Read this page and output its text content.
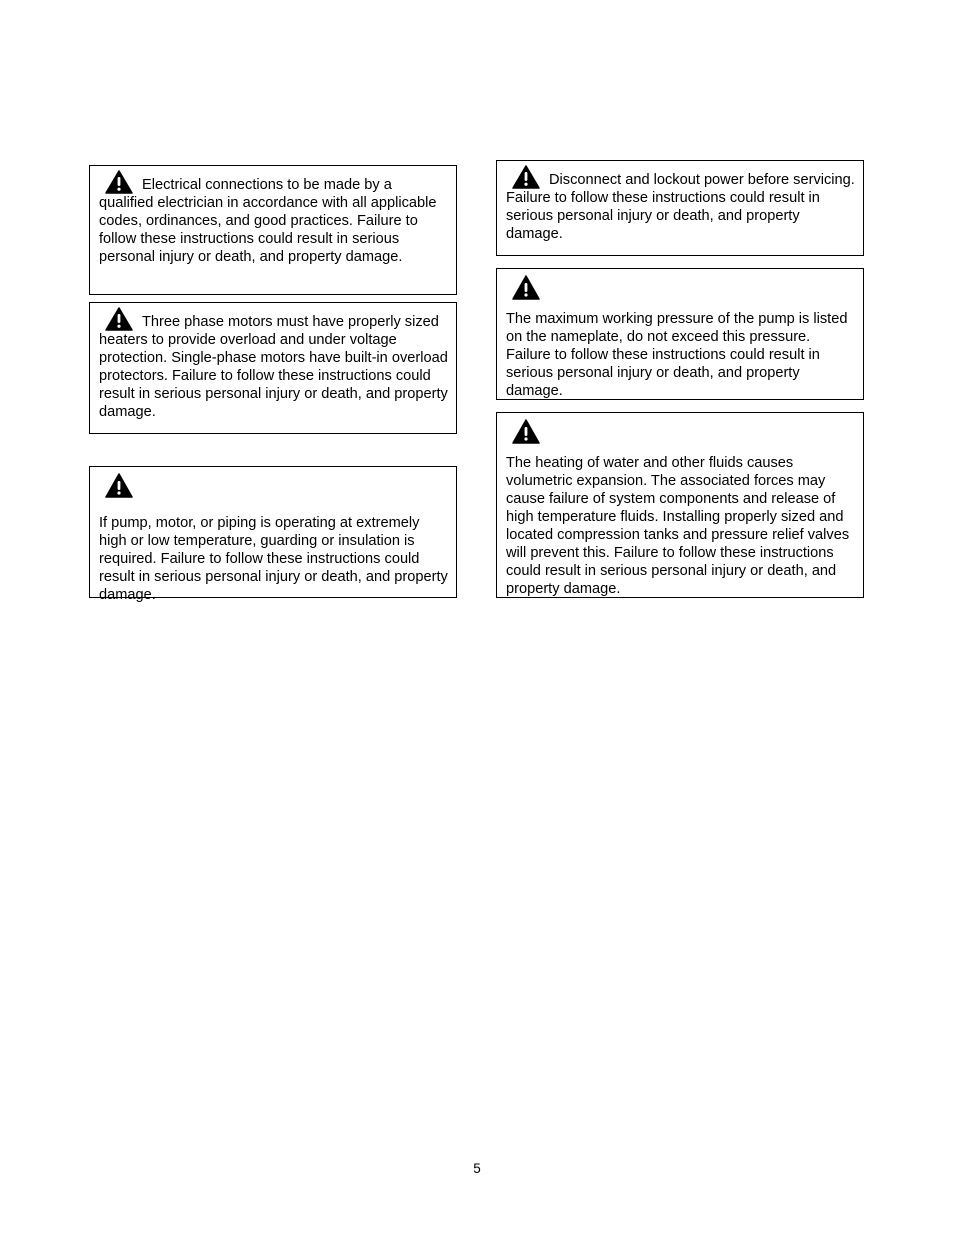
Electrical connections to be made by a qualified electrician in accordance with all applicable codes, ordinances, and good practices. Failure to follow these instructions could result in serious personal injury or death, and property damage.
Three phase motors must have properly sized heaters to provide overload and under voltage protection. Single-phase motors have built-in overload protectors. Failure to follow these instructions could result in serious personal injury or death, and property damage.
If pump, motor, or piping is operating at extremely high or low temperature, guarding or insulation is required. Failure to follow these instructions could result in serious personal injury or death, and property damage.
Disconnect and lockout power before servicing. Failure to follow these instructions could result in serious personal injury or death, and property damage.
The maximum working pressure of the pump is listed on the nameplate, do not exceed this pressure. Failure to follow these instructions could result in serious personal injury or death, and property damage.
The heating of water and other fluids causes volumetric expansion. The associated forces may cause failure of system components and release of high temperature fluids. Installing properly sized and located compression tanks and pressure relief valves will prevent this. Failure to follow these instructions could result in serious personal injury or death, and property damage.
5
